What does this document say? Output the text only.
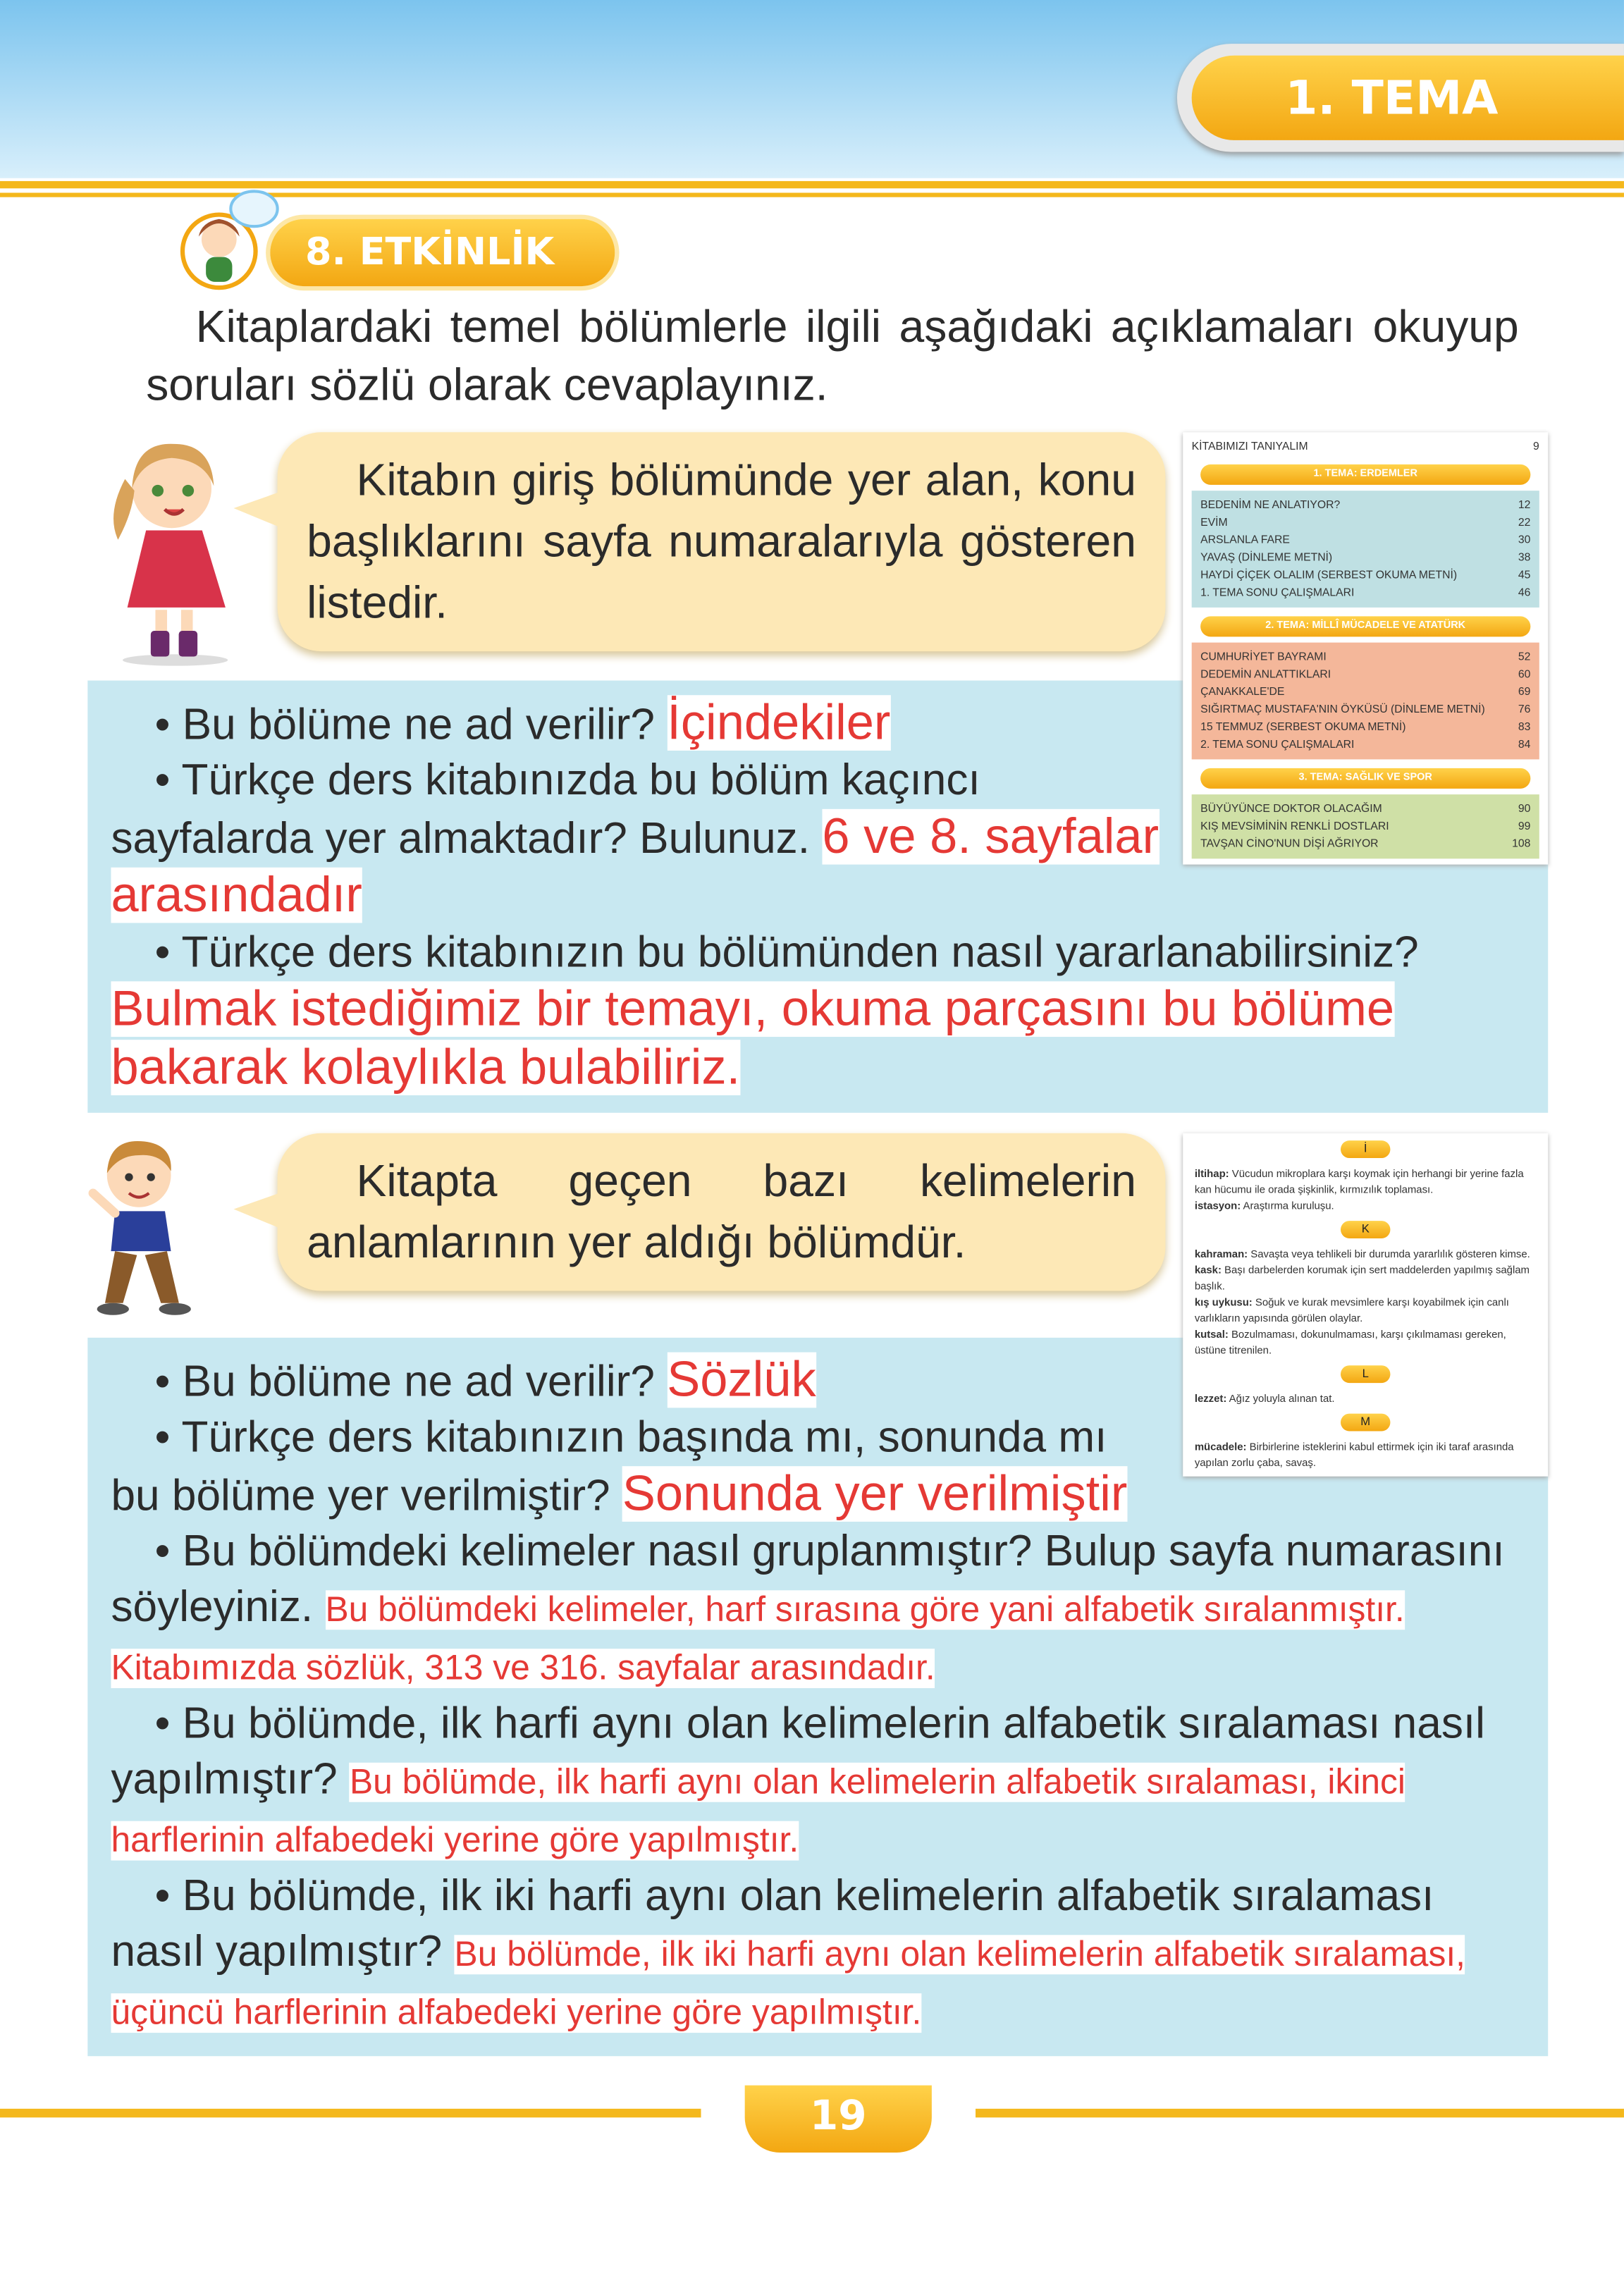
1. TEMA
8. ETKİNLİK
Kitaplardaki temel bölümlerle ilgili aşağıdaki açıklamaları okuyup soruları sözlü olarak cevaplayınız.
KİTABIMIZI TANIYALIM	9
1. TEMA: ERDEMLER
BEDENİM NE ANLATIYOR?	12
EVİM	22
ARSLANLA FARE	30
YAVAŞ (DİNLEME METNİ)	38
HAYDİ ÇİÇEK OLALIM (SERBEST OKUMA METNİ)	45
1. TEMA SONU ÇALIŞMALARI	46
2. TEMA: MİLLÎ MÜCADELE VE ATATÜRK
CUMHURİYET BAYRAMI	52
DEDEMİN ANLATTIKLARI	60
ÇANAKKALE'DE	69
SIĞIRTMAÇ MUSTAFA'NIN ÖYKÜSÜ (DİNLEME METNİ)	76
15 TEMMUZ (SERBEST OKUMA METNİ)	83
2. TEMA SONU ÇALIŞMALARI	84
3. TEMA: SAĞLIK VE SPOR
BÜYÜYÜNCE DOKTOR OLACAĞIM	90
KIŞ MEVSİMİNİN RENKLİ DOSTLARI	99
TAVŞAN CİNO'NUN DİŞİ AĞRIYOR	108
Kitabın giriş bölümünde yer alan, konu başlıklarını sayfa numaralarıyla gösteren listedir.

• Bu bölüme ne ad verilir? İçindekiler

• Türkçe ders kitabınızda bu bölüm kaçıncı sayfalarda yer almaktadır? Bulunuz. 6 ve 8. sayfalar arasındadır

• Türkçe ders kitabınızın bu bölümünden nasıl yararlanabilirsiniz? Bulmak istediğimiz bir temayı, okuma parçasını bu bölüme bakarak kolaylıkla bulabiliriz.

İ
iltihap: Vücudun mikroplara karşı koymak için herhangi bir yerine fazla kan hücumu ile orada şişkinlik, kırmızılık toplaması.
istasyon: Araştırma kuruluşu.
K
kahraman: Savaşta veya tehlikeli bir durumda yararlılık gösteren kimse.
kask: Başı darbelerden korumak için sert maddelerden yapılmış sağlam başlık.
kış uykusu: Soğuk ve kurak mevsimlere karşı koyabilmek için canlı varlıkların yapısında görülen olaylar.
kutsal: Bozulmaması, dokunulmaması, karşı çıkılmaması gereken, üstüne titrenilen.
L
lezzet: Ağız yoluyla alınan tat.
M
mücadele: Birbirlerine isteklerini kabul ettirmek için iki taraf arasında yapılan zorlu çaba, savaş.
Kitapta geçen bazı kelimelerin anlamlarının yer aldığı bölümdür.

• Bu bölüme ne ad verilir? Sözlük

• Türkçe ders kitabınızın başında mı, sonunda mı bu bölüme yer verilmiştir? Sonunda yer verilmiştir

• Bu bölümdeki kelimeler nasıl gruplanmıştır? Bulup sayfa numarasını söyleyiniz. Bu bölümdeki kelimeler, harf sırasına göre yani alfabetik sıralanmıştır. Kitabımızda sözlük, 313 ve 316. sayfalar arasındadır.

• Bu bölümde, ilk harfi aynı olan kelimelerin alfabetik sıralaması nasıl yapılmıştır? Bu bölümde, ilk harfi aynı olan kelimelerin alfabetik sıralaması, ikinci harflerinin alfabedeki yerine göre yapılmıştır.

• Bu bölümde, ilk iki harfi aynı olan kelimelerin alfabetik sıralaması nasıl yapılmıştır? Bu bölümde, ilk iki harfi aynı olan kelimelerin alfabetik sıralaması, üçüncü harflerinin alfabedeki yerine göre yapılmıştır.

19
